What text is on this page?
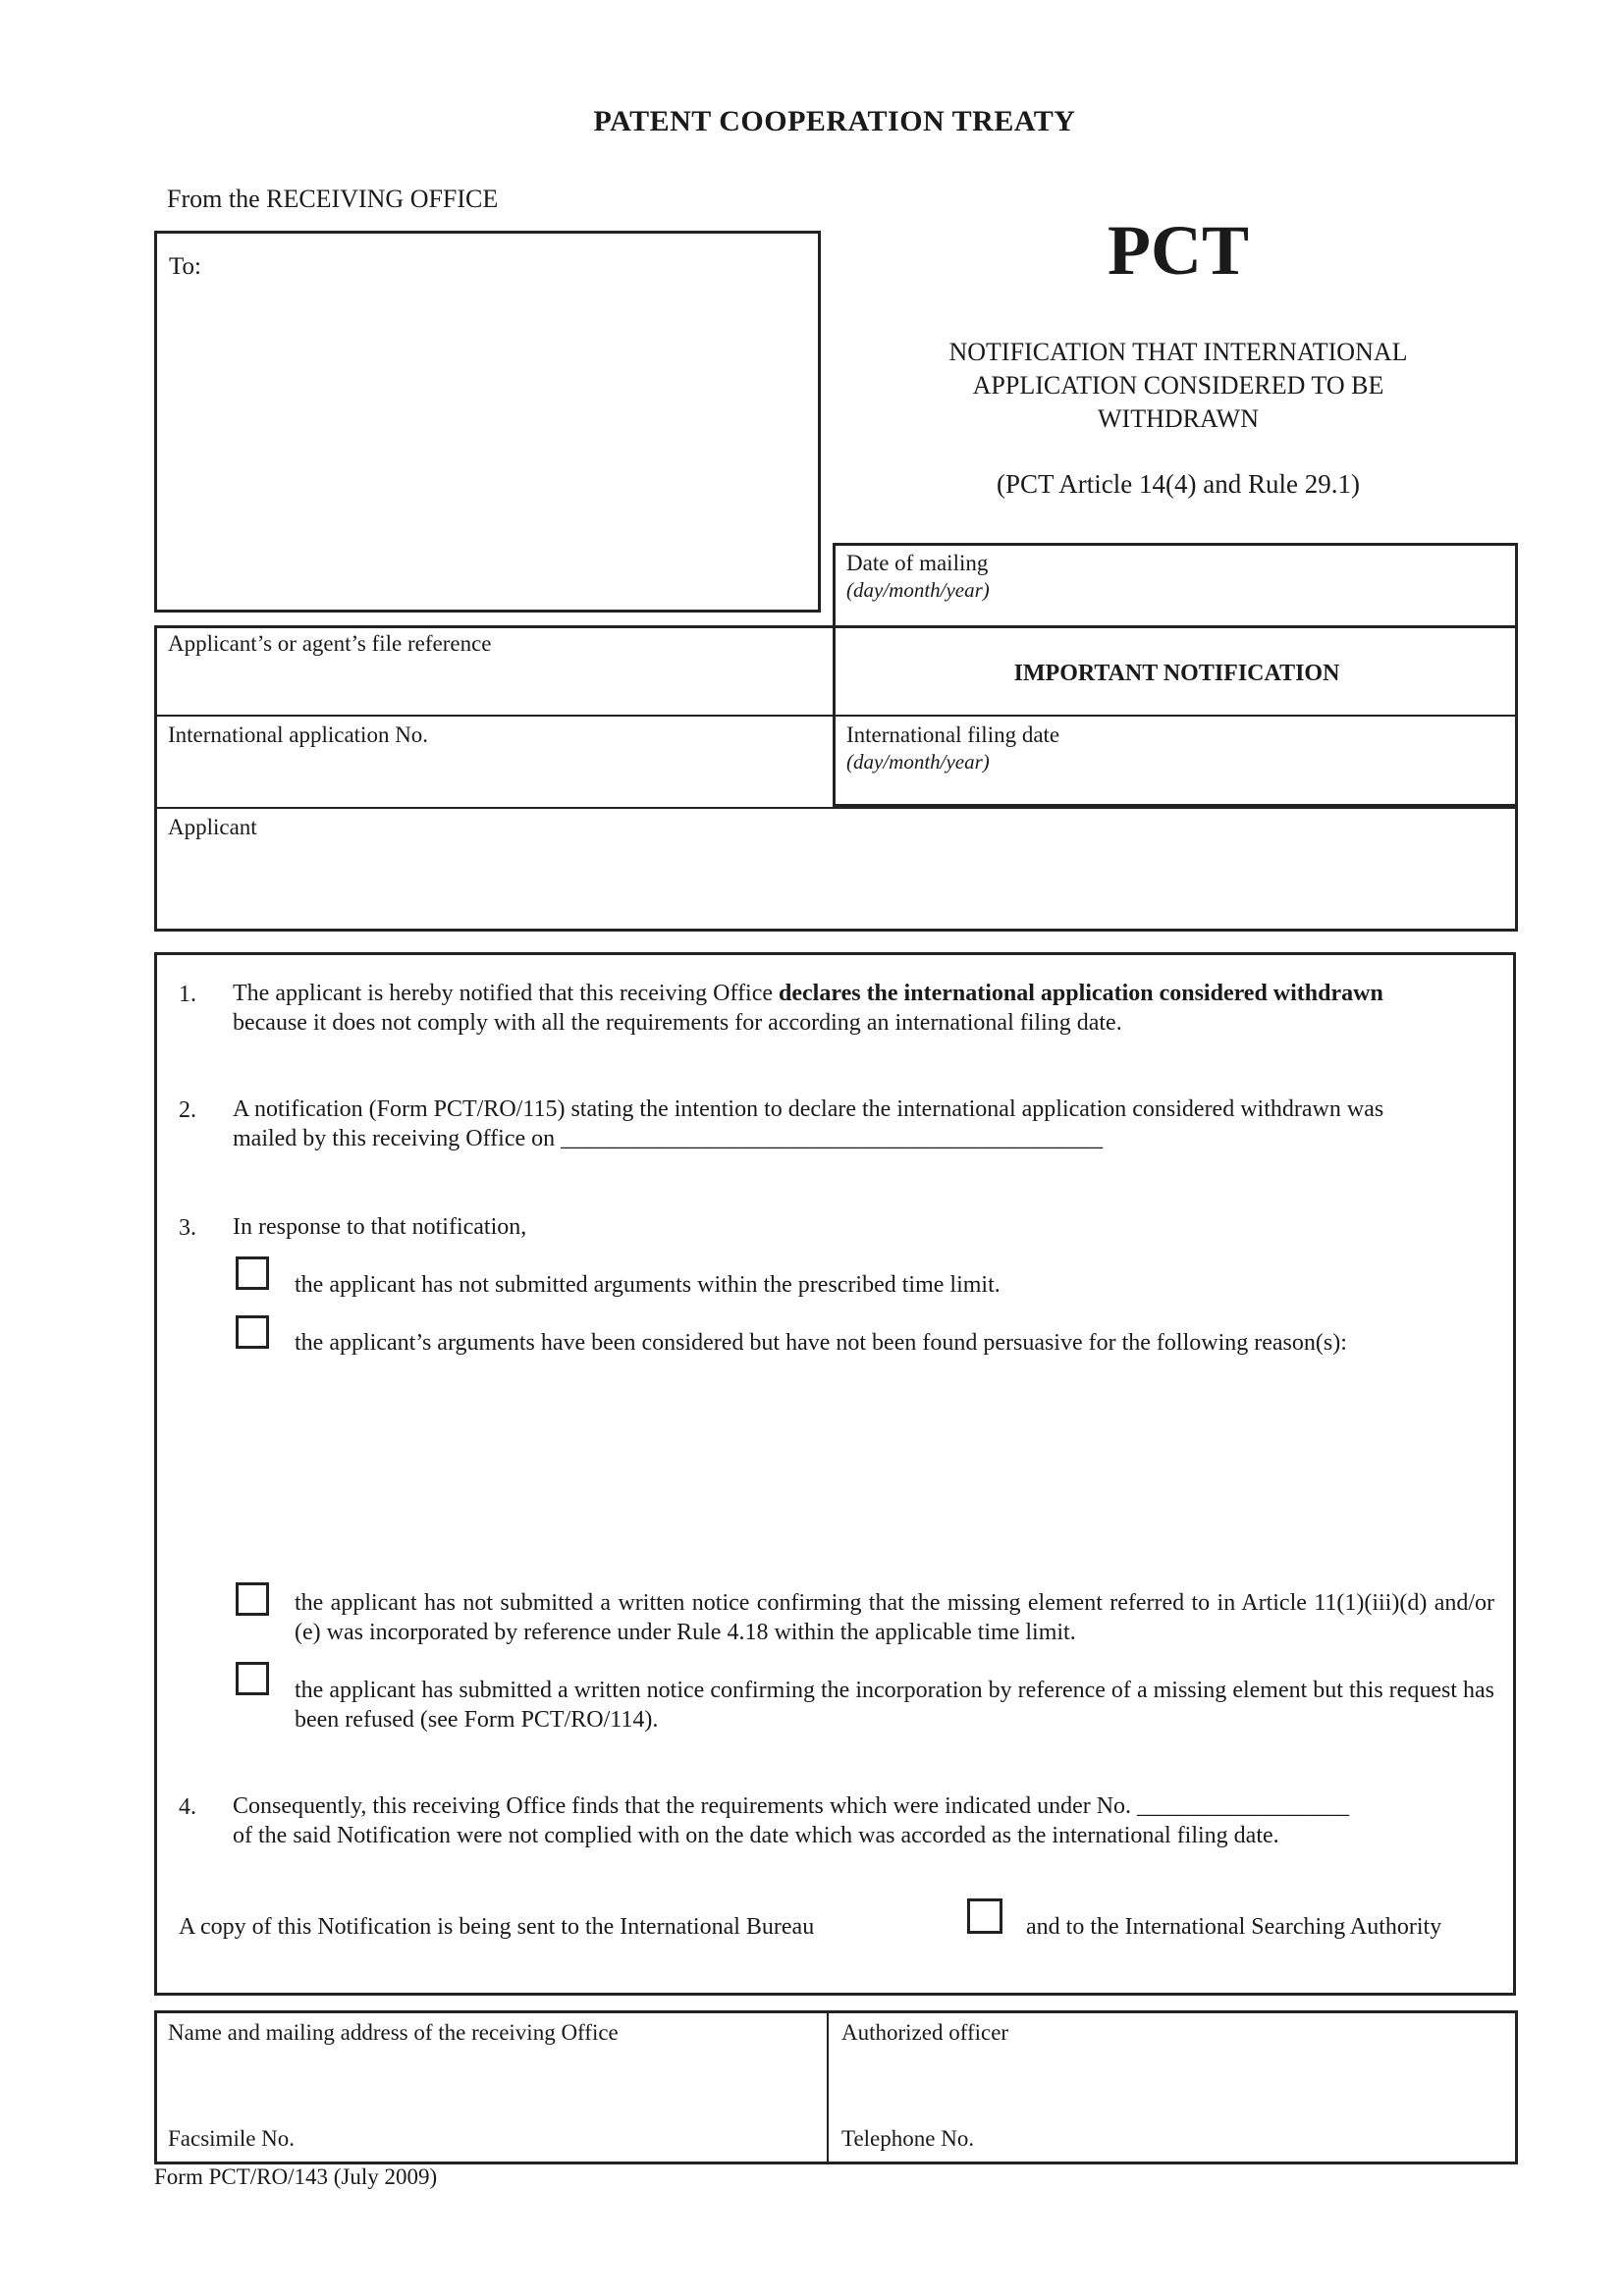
PATENT COOPERATION TREATY
From the RECEIVING OFFICE
To:	PCT
NOTIFICATION THAT INTERNATIONAL
APPLICATION CONSIDERED TO BE
WITHDRAWN
(PCT Article 14(4) and Rule 29.1)
Date of mailing
(day/month/year)
IMPORTANT NOTIFICATION
Applicant’s or agent’s file reference
International application No.	International filing date
(day/month/year)
Applicant
1. The applicant is hereby notified that this receiving Office declares the international application considered withdrawn
because it does not comply with all the requirements for according an international filing date.
2. A notification (Form PCT/RO/115) stating the intention to declare the international application considered withdrawn was
mailed by this receiving Office on ______________________________________________
3. In response to that notification,
the applicant has not submitted arguments within the prescribed time limit.
the applicant’s arguments have been considered but have not been found persuasive for the following reason(s):
the applicant has not submitted a written notice confirming that the missing element referred to in Article 11(1)(iii)(d) and/or (e) was incorporated by reference under Rule 4.18 within the applicable time limit.
the applicant has submitted a written notice confirming the incorporation by reference of a missing element but this request has been refused (see Form PCT/RO/114).
4. Consequently, this receiving Office finds that the requirements which were indicated under No. __________________
of the said Notification were not complied with on the date which was accorded as the international filing date.
A copy of this Notification is being sent to the International Bureau	and to the International Searching Authority
Name and mailing address of the receiving Office	Authorized officer
Facsimile No.	Telephone No.
Form PCT/RO/143 (July 2009)
